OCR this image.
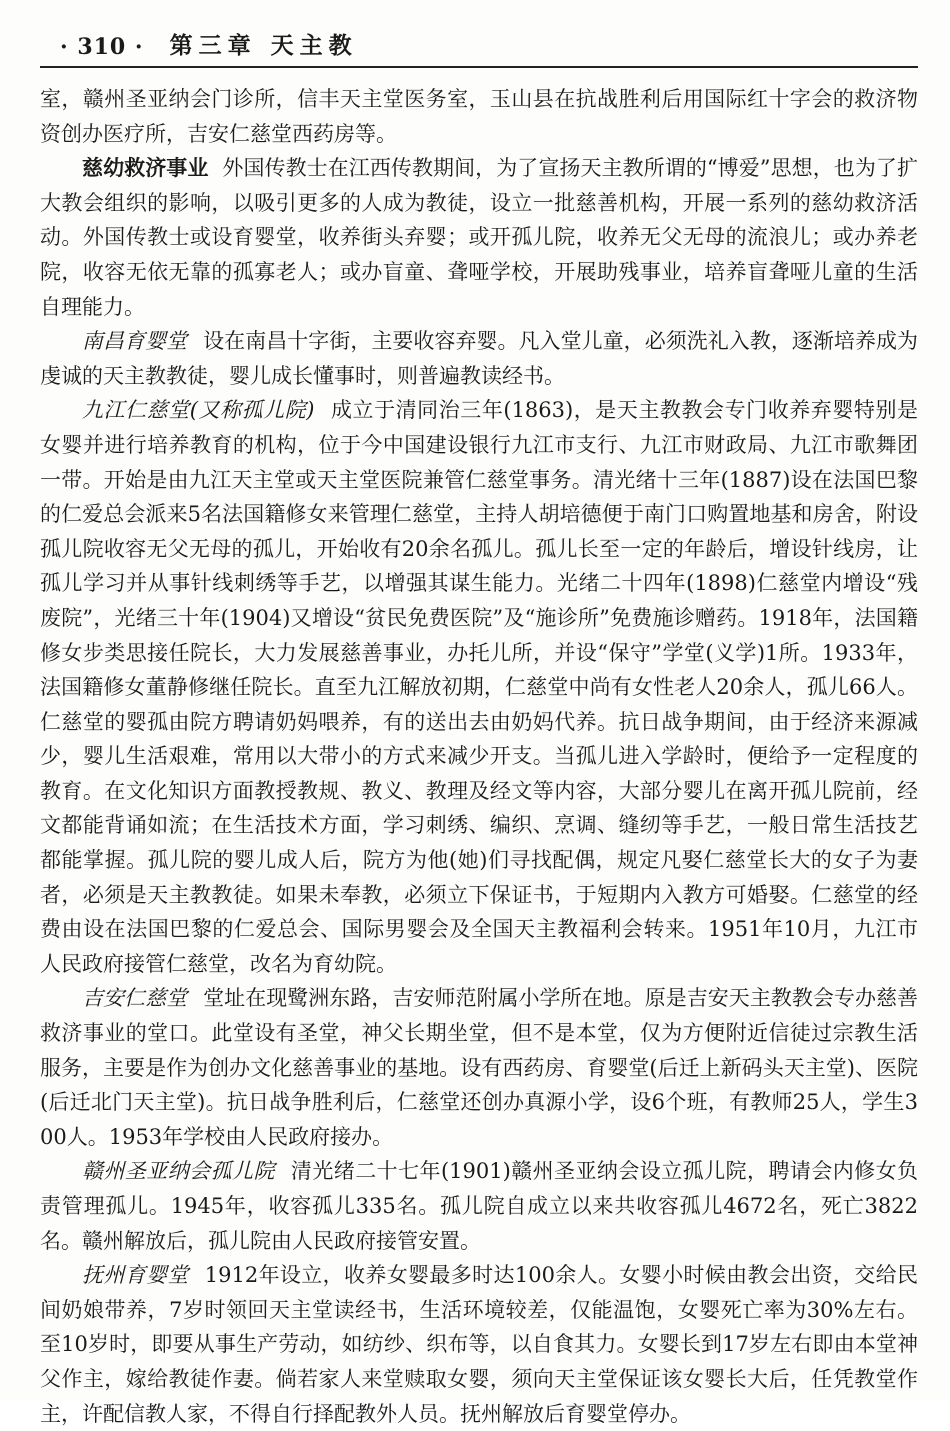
· 310 · 第三章 天主教

室，赣州圣亚纳会门诊所，信丰天主堂医务室，玉山县在抗战胜利后用国际红十字会的救济物资创办医疗所，吉安仁慈堂西药房等。

慈幼救济事业 外国传教士在江西传教期间，为了宣扬天主教所谓的“博爱”思想，也为了扩大教会组织的影响，以吸引更多的人成为教徒，设立一批慈善机构，开展一系列的慈幼救济活动。外国传教士或设育婴堂，收养街头弃婴；或开孤儿院，收养无父无母的流浪儿；或办养老院，收容无依无靠的孤寡老人；或办盲童、聋哑学校，开展助残事业，培养盲聋哑儿童的生活自理能力。

南昌育婴堂 设在南昌十字街，主要收容弃婴。凡入堂儿童，必须洗礼入教，逐渐培养成为虔诚的天主教教徒，婴儿成长懂事时，则普遍教读经书。

九江仁慈堂(又称孤儿院) 成立于清同治三年(1863)，是天主教教会专门收养弃婴特别是女婴并进行培养教育的机构，位于今中国建设银行九江市支行、九江市财政局、九江市歌舞团一带。开始是由九江天主堂或天主堂医院兼管仁慈堂事务。清光绪十三年(1887)设在法国巴黎的仁爱总会派来5名法国籍修女来管理仁慈堂，主持人胡培德便于南门口购置地基和房舍，附设孤儿院收容无父无母的孤儿，开始收有20余名孤儿。孤儿长至一定的年龄后，增设针线房，让孤儿学习并从事针线刺绣等手艺，以增强其谋生能力。光绪二十四年(1898)仁慈堂内增设“残废院”，光绪三十年(1904)又增设“贫民免费医院”及“施诊所”免费施诊赠药。1918年，法国籍修女步类思接任院长，大力发展慈善事业，办托儿所，并设“保守”学堂(义学)1所。1933年，法国籍修女董静修继任院长。直至九江解放初期，仁慈堂中尚有女性老人20余人，孤儿66人。仁慈堂的婴孤由院方聘请奶妈喂养，有的送出去由奶妈代养。抗日战争期间，由于经济来源减少，婴儿生活艰难，常用以大带小的方式来减少开支。当孤儿进入学龄时，便给予一定程度的教育。在文化知识方面教授教规、教义、教理及经文等内容，大部分婴儿在离开孤儿院前，经文都能背诵如流；在生活技术方面，学习刺绣、编织、烹调、缝纫等手艺，一般日常生活技艺都能掌握。孤儿院的婴儿成人后，院方为他(她)们寻找配偶，规定凡娶仁慈堂长大的女子为妻者，必须是天主教教徒。如果未奉教，必须立下保证书，于短期内入教方可婚娶。仁慈堂的经费由设在法国巴黎的仁爱总会、国际男婴会及全国天主教福利会转来。1951年10月，九江市人民政府接管仁慈堂，改名为育幼院。

吉安仁慈堂 堂址在现鹭洲东路，吉安师范附属小学所在地。原是吉安天主教教会专办慈善救济事业的堂口。此堂设有圣堂，神父长期坐堂，但不是本堂，仅为方便附近信徒过宗教生活服务，主要是作为创办文化慈善事业的基地。设有西药房、育婴堂(后迁上新码头天主堂)、医院(后迁北门天主堂)。抗日战争胜利后，仁慈堂还创办真源小学，设6个班，有教师25人，学生300人。1953年学校由人民政府接办。

赣州圣亚纳会孤儿院 清光绪二十七年(1901)赣州圣亚纳会设立孤儿院，聘请会内修女负责管理孤儿。1945年，收容孤儿335名。孤儿院自成立以来共收容孤儿4672名，死亡3822名。赣州解放后，孤儿院由人民政府接管安置。

抚州育婴堂 1912年设立，收养女婴最多时达100余人。女婴小时候由教会出资，交给民间奶娘带养，7岁时领回天主堂读经书，生活环境较差，仅能温饱，女婴死亡率为30%左右。至10岁时，即要从事生产劳动，如纺纱、织布等，以自食其力。女婴长到17岁左右即由本堂神父作主，嫁给教徒作妻。倘若家人来堂赎取女婴，须向天主堂保证该女婴长大后，任凭教堂作主，许配信教人家，不得自行择配教外人员。抚州解放后育婴堂停办。
